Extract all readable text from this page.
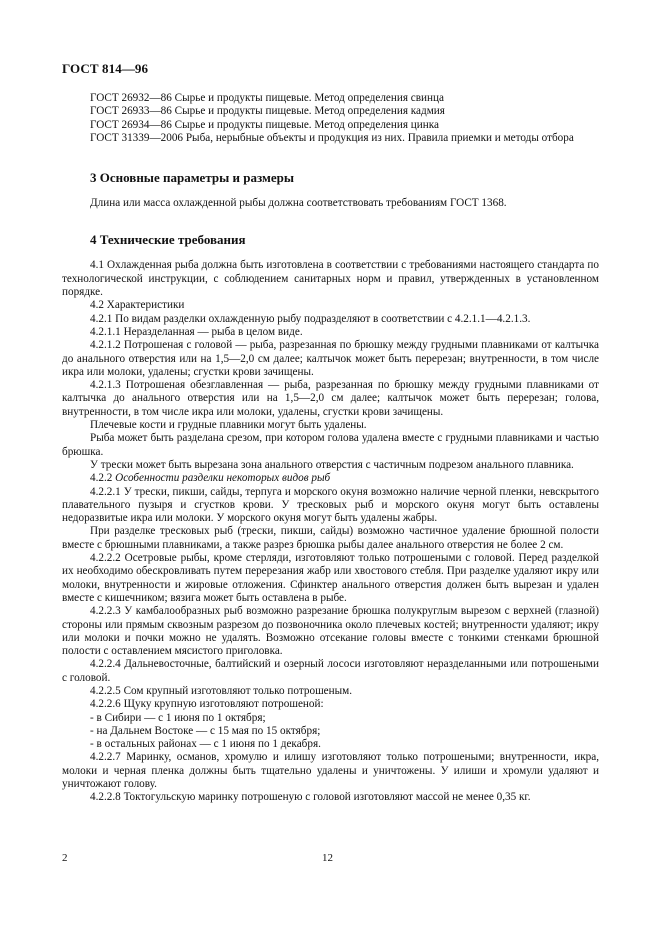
ГОСТ 814—96

ГОСТ 26932—86 Сырье и продукты пищевые. Метод определения свинца

ГОСТ 26933—86 Сырье и продукты пищевые. Метод определения кадмия

ГОСТ 26934—86 Сырье и продукты пищевые. Метод определения цинка

ГОСТ 31339—2006 Рыба, нерыбные объекты и продукция из них. Правила приемки и методы отбора

3 Основные параметры и размеры

Длина или масса охлажденной рыбы должна соответствовать требованиям ГОСТ 1368.

4 Технические требования

4.1 Охлажденная рыба должна быть изготовлена в соответствии с требованиями настоящего стандарта по технологической инструкции, с соблюдением санитарных норм и правил, утвержденных в установленном порядке.

4.2 Характеристики

4.2.1 По видам разделки охлажденную рыбу подразделяют в соответствии с 4.2.1.1—4.2.1.3.

4.2.1.1 Неразделанная — рыба в целом виде.

4.2.1.2 Потрошеная с головой — рыба, разрезанная по брюшку между грудными плавниками от калтычка до анального отверстия или на 1,5—2,0 см далее; калтычок может быть перерезан; внутренности, в том числе икра или молоки, удалены; сгустки крови зачищены.

4.2.1.3 Потрошеная обезглавленная — рыба, разрезанная по брюшку между грудными плавниками от калтычка до анального отверстия или на 1,5—2,0 см далее; калтычок может быть перерезан; голова, внутренности, в том числе икра или молоки, удалены, сгустки крови зачищены.

Плечевые кости и грудные плавники могут быть удалены.

Рыба может быть разделана срезом, при котором голова удалена вместе с грудными плавниками и частью брюшка.

У трески может быть вырезана зона анального отверстия с частичным подрезом анального плавника.

4.2.2 Особенности разделки некоторых видов рыб

4.2.2.1 У трески, пикши, сайды, терпуга и морского окуня возможно наличие черной пленки, невскрытого плавательного пузыря и сгустков крови. У тресковых рыб и морского окуня могут быть оставлены недоразвитые икра или молоки. У морского окуня могут быть удалены жабры.

При разделке тресковых рыб (трески, пикши, сайды) возможно частичное удаление брюшной полости вместе с брюшными плавниками, а также разрез брюшка рыбы далее анального отверстия не более 2 см.

4.2.2.2 Осетровые рыбы, кроме стерляди, изготовляют только потрошеными с головой. Перед разделкой их необходимо обескровливать путем перерезания жабр или хвостового стебля. При разделке удаляют икру или молоки, внутренности и жировые отложения. Сфинктер анального отверстия должен быть вырезан и удален вместе с кишечником; вязига может быть оставлена в рыбе.

4.2.2.3 У камбалообразных рыб возможно разрезание брюшка полукруглым вырезом с верхней (глазной) стороны или прямым сквозным разрезом до позвоночника около плечевых костей; внутренности удаляют; икру или молоки и почки можно не удалять. Возможно отсекание головы вместе с тонкими стенками брюшной полости с оставлением мясистого приголовка.

4.2.2.4 Дальневосточные, балтийский и озерный лососи изготовляют неразделанными или потрошеными с головой.

4.2.2.5 Сом крупный изготовляют только потрошеным.

4.2.2.6 Щуку крупную изготовляют потрошеной:

- в Сибири — с 1 июня по 1 октября;

- на Дальнем Востоке — с 15 мая по 15 октября;

- в остальных районах — с 1 июня по 1 декабря.

4.2.2.7 Маринку, османов, хромулю и илишу изготовляют только потрошеными; внутренности, икра, молоки и черная пленка должны быть тщательно удалены и уничтожены. У илиши и хромули удаляют и уничтожают голову.

4.2.2.8 Токтогульскую маринку потрошеную с головой изготовляют массой не менее 0,35 кг.

2	12
